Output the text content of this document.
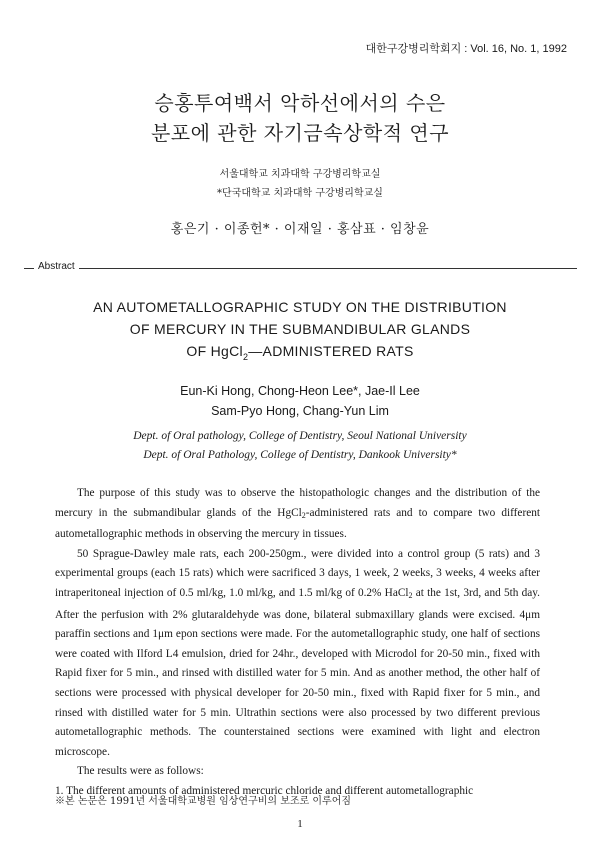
대한구강병리학회지 : Vol. 16, No. 1, 1992
승홍투여백서 악하선에서의 수은
분포에 관한 자기금속상학적 연구
서울대학교 치과대학 구강병리학교실
*단국대학교 치과대학 구강병리학교실
홍은기 · 이종헌* · 이재일 · 홍삼표 · 임창윤
Abstract
AN AUTOMETALLOGRAPHIC STUDY ON THE DISTRIBUTION
OF MERCURY IN THE SUBMANDIBULAR GLANDS
OF HgCl$_2$—ADMINISTERED RATS
Eun-Ki Hong, Chong-Heon Lee*, Jae-Il Lee
Sam-Pyo Hong, Chang-Yun Lim
Dept. of Oral pathology, College of Dentistry, Seoul National University
Dept. of Oral Pathology, College of Dentistry, Dankook University*

The purpose of this study was to observe the histopathologic changes and the distribution of the mercury in the submandibular glands of the HgCl$_2$-administered rats and to compare two different autometallographic methods in observing the mercury in tissues.

50 Sprague-Dawley male rats, each 200-250gm., were divided into a control group (5 rats) and 3 experimental groups (each 15 rats) which were sacrificed 3 days, 1 week, 2 weeks, 3 weeks, 4 weeks after intraperitoneal injection of 0.5 ml/kg, 1.0 ml/kg, and 1.5 ml/kg of 0.2% HaCl$_2$ at the 1st, 3rd, and 5th day. After the perfusion with 2% glutaraldehyde was done, bilateral submaxillary glands were excised. 4μm paraffin sections and 1μm epon sections were made. For the autometallographic study, one half of sections were coated with Ilford L4 emulsion, dried for 24hr., developed with Microdol for 20-50 min., fixed with Rapid fixer for 5 min., and rinsed with distilled water for 5 min. And as another method, the other half of sections were processed with physical developer for 20-50 min., fixed with Rapid fixer for 5 min., and rinsed with distilled water for 5 min. Ultrathin sections were also processed by two different previous autometallographic methods. The counterstained sections were examined with light and electron microscope.

The results were as follows:

1. The different amounts of administered mercuric chloride and different autometallographic

※본 논문은 1991년 서울대학교병원 임상연구비의 보조로 이루어짐
1
